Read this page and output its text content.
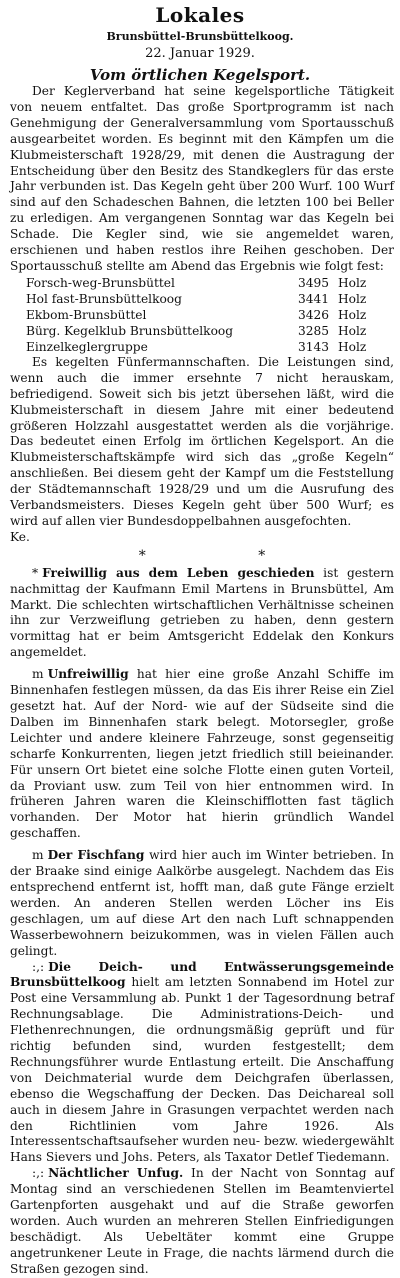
Lokales
Brunsbüttel-Brunsbüttelkoog.
22. Januar 1929.
Vom örtlichen Kegelsport.

Der Keglerverband hat seine kegelsportliche Tätigkeit von neuem entfaltet. Das große Sportprogramm ist nach Genehmigung der Generalversammlung vom Sportausschuß ausgearbeitet worden. Es beginnt mit den Kämpfen um die Klubmeisterschaft 1928/29, mit denen die Austragung der Entscheidung über den Besitz des Standkeglers für das erste Jahr verbunden ist. Das Kegeln geht über 200 Wurf. 100 Wurf sind auf den Schadeschen Bahnen, die letzten 100 bei Beller zu erledigen. Am vergangenen Sonntag war das Kegeln bei Schade. Die Kegler sind, wie sie angemeldet waren, erschienen und haben restlos ihre Reihen geschoben. Der Sportausschuß stellte am Abend das Ergebnis wie folgt fest:

Forsch-weg-Brunsbüttel	3495 Holz
Hol fast-Brunsbüttelkoog	3441 Holz
Ekbom-Brunsbüttel	3426 Holz
Bürg. Kegelklub Brunsbüttelkoog	3285 Holz
Einzelkeglergruppe	3143 Holz

Es kegelten Fünfermannschaften. Die Leistungen sind, wenn auch die immer ersehnte 7 nicht herauskam, befriedigend. Soweit sich bis jetzt übersehen läßt, wird die Klubmeisterschaft in diesem Jahre mit einer bedeutend größeren Holzzahl ausgestattet werden als die vorjährige. Das bedeutet einen Erfolg im örtlichen Kegelsport. An die Klubmeisterschaftskämpfe wird sich das „große Kegeln“ anschließen. Bei diesem geht der Kampf um die Feststellung der Städtemannschaft 1928/29 und um die Ausrufung des Verbandsmeisters. Dieses Kegeln geht über 500 Wurf; es wird auf allen vier Bundesdoppelbahnen ausgefochten.

Ke.

* *

* Freiwillig aus dem Leben geschieden ist gestern nachmittag der Kaufmann Emil Martens in Brunsbüttel, Am Markt. Die schlechten wirtschaftlichen Verhältnisse scheinen ihn zur Verzweiflung getrieben zu haben, denn gestern vormittag hat er beim Amtsgericht Eddelak den Konkurs angemeldet.

m Unfreiwillig hat hier eine große Anzahl Schiffe im Binnenhafen festlegen müssen, da das Eis ihrer Reise ein Ziel gesetzt hat. Auf der Nord- wie auf der Südseite sind die Dalben im Binnenhafen stark belegt. Motorsegler, große Leichter und andere kleinere Fahrzeuge, sonst gegenseitig scharfe Konkurrenten, liegen jetzt friedlich still beieinander. Für unsern Ort bietet eine solche Flotte einen guten Vorteil, da Proviant usw. zum Teil von hier entnommen wird. In früheren Jahren waren die Kleinschifflotten fast täglich vorhanden. Der Motor hat hierin gründlich Wandel geschaffen.

m Der Fischfang wird hier auch im Winter betrieben. In der Braake sind einige Aalkörbe ausgelegt. Nachdem das Eis entsprechend entfernt ist, hofft man, daß gute Fänge erzielt werden. An anderen Stellen werden Löcher ins Eis geschlagen, um auf diese Art den nach Luft schnappenden Wasserbewohnern beizukommen, was in vielen Fällen auch gelingt.

:,: Die Deich- und Entwässerungsgemeinde Brunsbüttelkoog hielt am letzten Sonnabend im Hotel zur Post eine Versammlung ab. Punkt 1 der Tagesordnung betraf Rechnungsablage. Die Administrations-Deich- und Flethenrechnungen, die ordnungsmäßig geprüft und für richtig befunden sind, wurden festgestellt; dem Rechnungsführer wurde Entlastung erteilt. Die Anschaffung von Deichmaterial wurde dem Deichgrafen überlassen, ebenso die Wegschaffung der Decken. Das Deichareal soll auch in diesem Jahre in Grasungen verpachtet werden nach den Richtlinien vom Jahre 1926. Als Interessentschaftsaufseher wurden neu- bezw. wiedergewählt Hans Sievers und Johs. Peters, als Taxator Detlef Tiedemann.

:,: Nächtlicher Unfug. In der Nacht von Sonntag auf Montag sind an verschiedenen Stellen im Beamtenviertel Gartenpforten ausgehakt und auf die Straße geworfen worden. Auch wurden an mehreren Stellen Einfriedigungen beschädigt. Als Uebeltäter kommt eine Gruppe angetrunkener Leute in Frage, die nachts lärmend durch die Straßen gezogen sind.
